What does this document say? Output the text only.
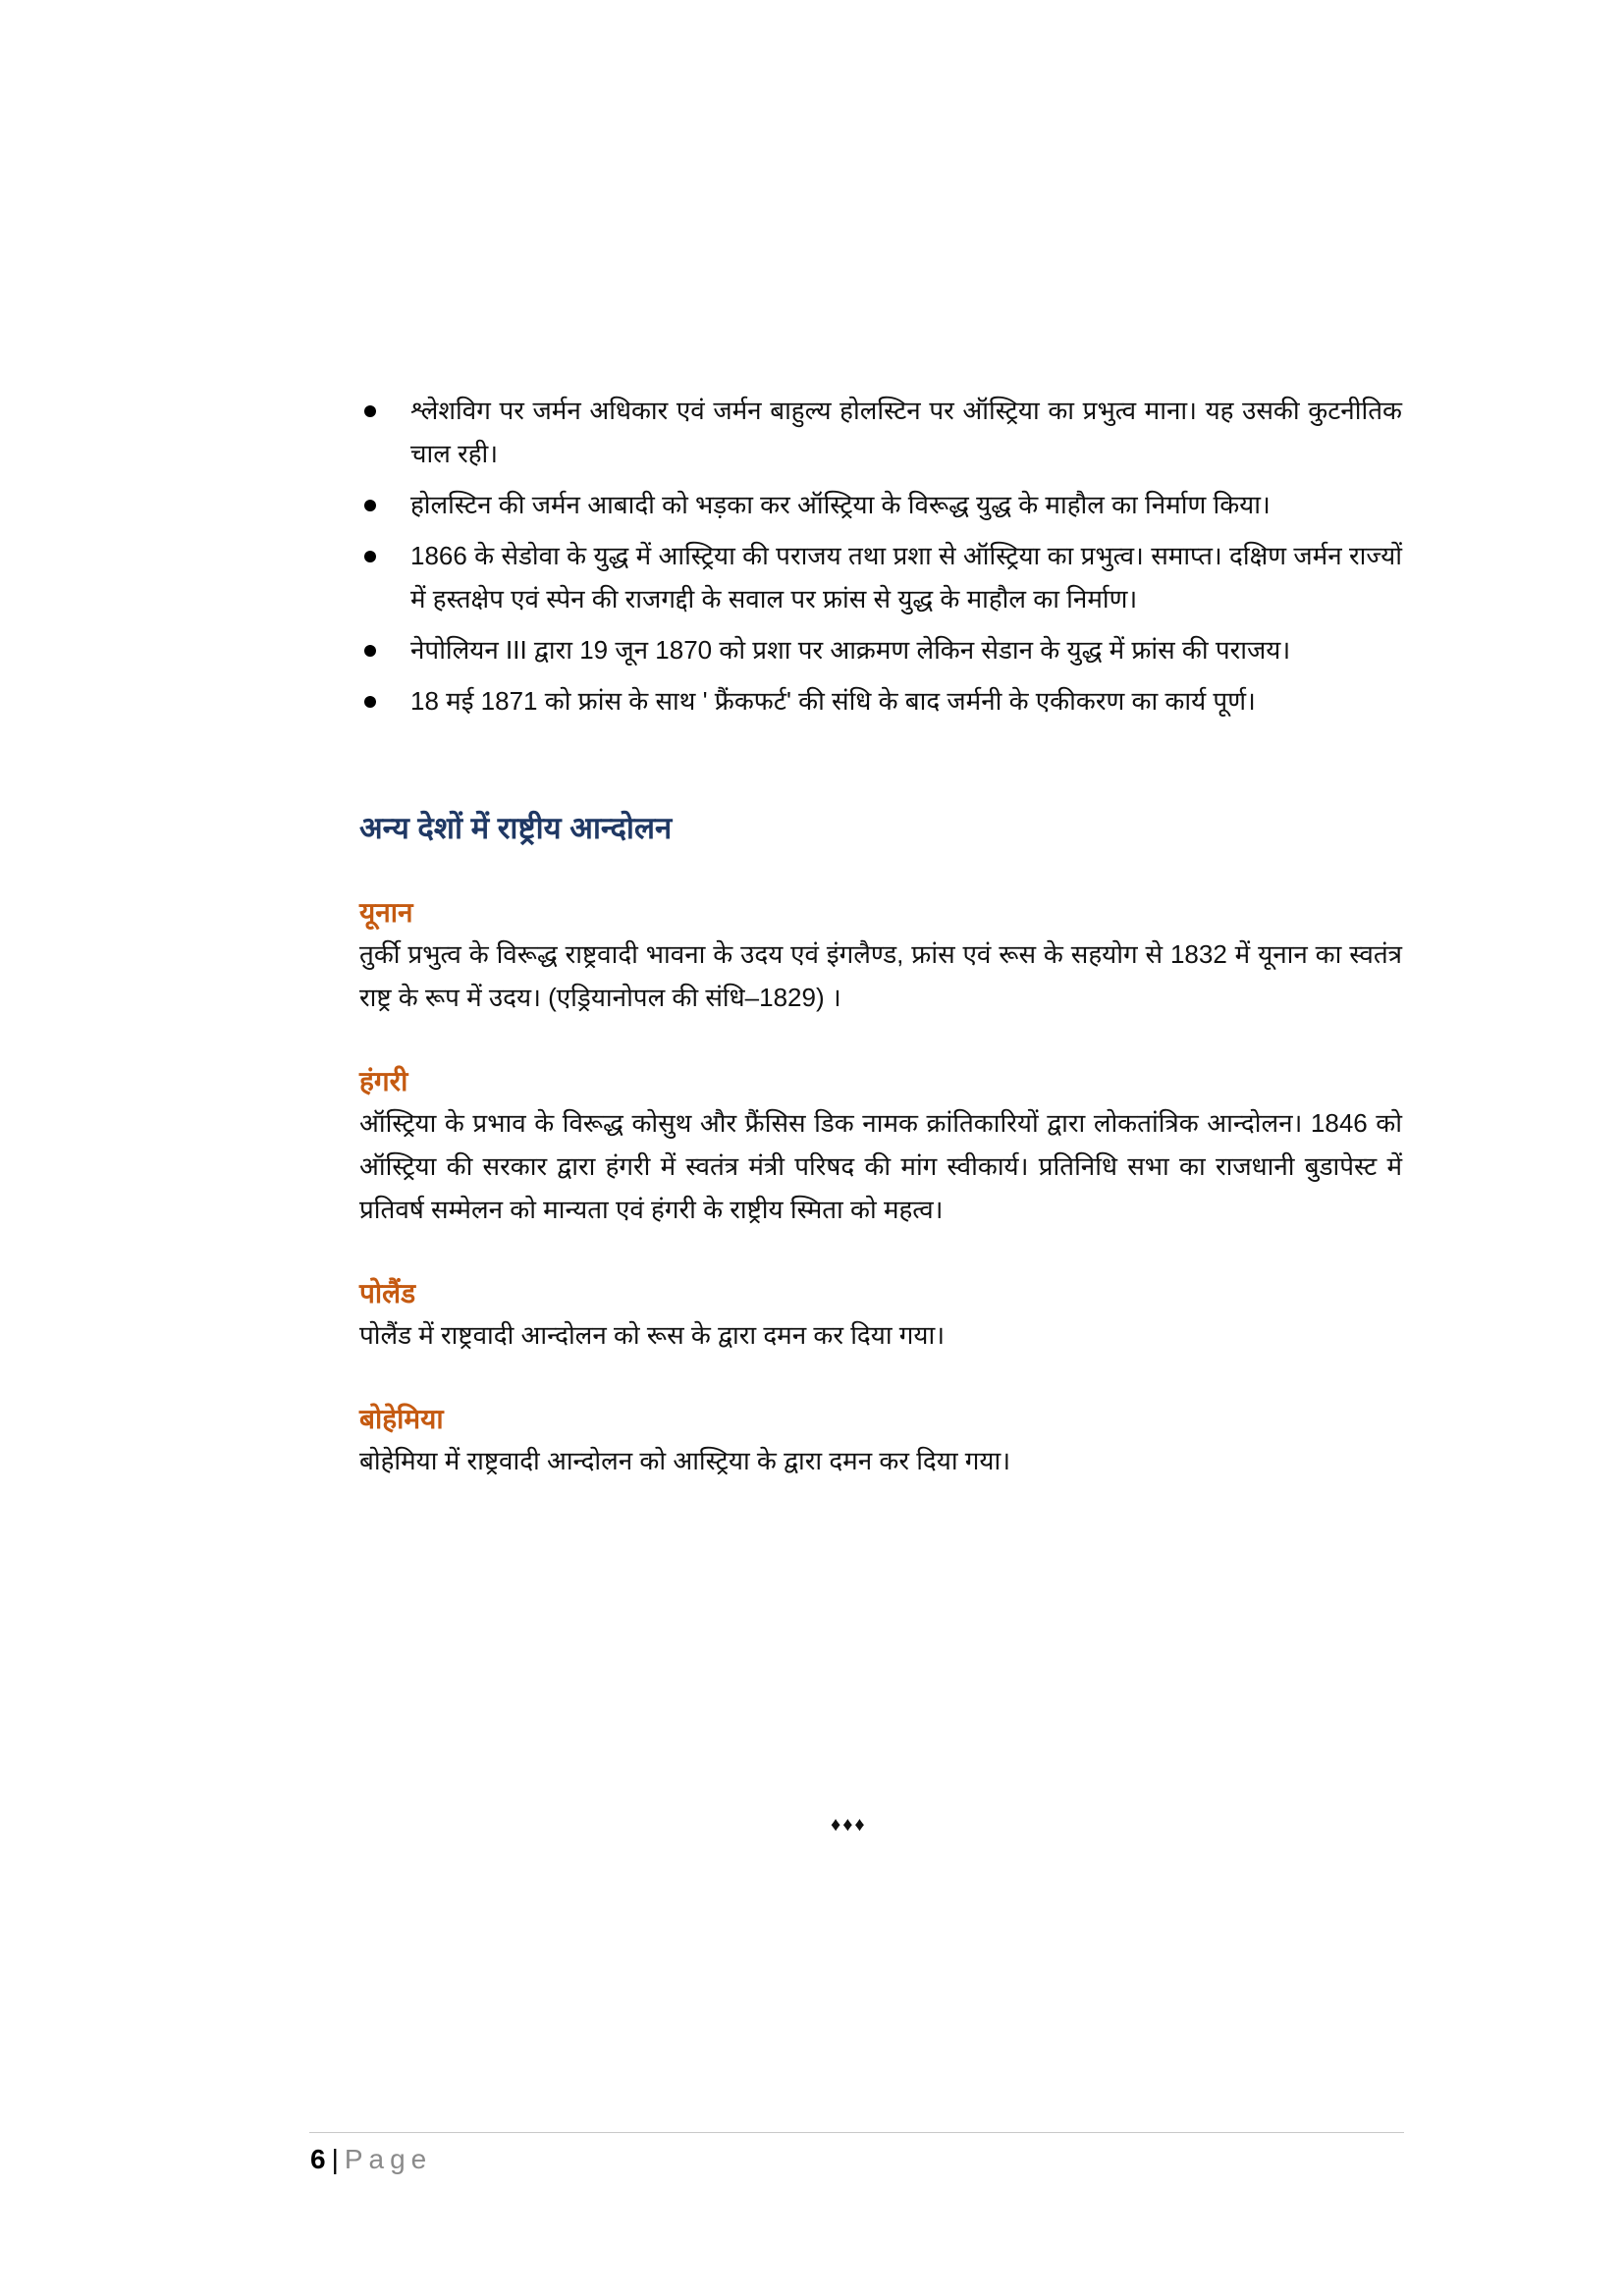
श्लेशविग पर जर्मन अधिकार एवं जर्मन बाहुल्य होलस्टिन पर ऑस्ट्रिया का प्रभुत्व माना। यह उसकी कुटनीतिक चाल रही।
होलस्टिन की जर्मन आबादी को भड़का कर ऑस्ट्रिया के विरूद्ध युद्ध के माहौल का निर्माण किया।
1866 के सेडोवा के युद्ध में आस्ट्रिया की पराजय तथा प्रशा से ऑस्ट्रिया का प्रभुत्व। समाप्त। दक्षिण जर्मन राज्यों में हस्तक्षेप एवं स्पेन की राजगद्दी के सवाल पर फ्रांस से युद्ध के माहौल का निर्माण।
नेपोलियन III द्वारा 19 जून 1870 को प्रशा पर आक्रमण लेकिन सेडान के युद्ध में फ्रांस की पराजय।
18 मई 1871 को फ्रांस के साथ ' फ्रैंकफर्ट' की संधि के बाद जर्मनी के एकीकरण का कार्य पूर्ण।
अन्य देशों में राष्ट्रीय आन्दोलन
यूनान
तुर्की प्रभुत्व के विरूद्ध राष्ट्रवादी भावना के उदय एवं इंगलैण्ड, फ्रांस एवं रूस के सहयोग से 1832 में यूनान का स्वतंत्र राष्ट्र के रूप में उदय। (एड्रियानोपल की संधि–1829) ।
हंगरी
ऑस्ट्रिया के प्रभाव के विरूद्ध कोसुथ और फ्रैंसिस डिक नामक क्रांतिकारियों द्वारा लोकतांत्रिक आन्दोलन। 1846 को ऑस्ट्रिया की सरकार द्वारा हंगरी में स्वतंत्र मंत्री परिषद की मांग स्वीकार्य। प्रतिनिधि सभा का राजधानी बुडापेस्ट में प्रतिवर्ष सम्मेलन को मान्यता एवं हंगरी के राष्ट्रीय स्मिता को महत्व।
पोलैंड
पोलैंड में राष्ट्रवादी आन्दोलन को रूस के द्वारा दमन कर दिया गया।
बोहेमिया
बोहेमिया में राष्ट्रवादी आन्दोलन को आस्ट्रिया के द्वारा दमन कर दिया गया।
♦♦♦
6 | Page
